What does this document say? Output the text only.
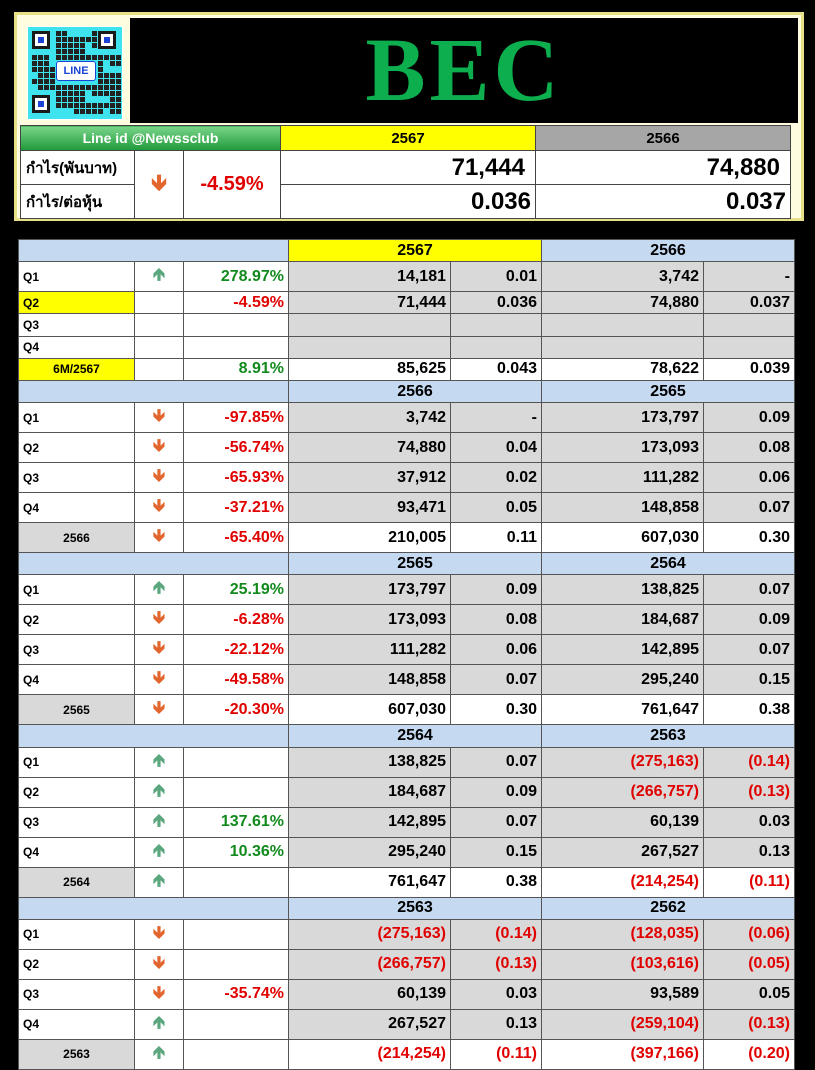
LINE	BEC
Line id @Newssclub			2567	2566
กำไร(พันบาท)	🡻	-4.59%	71,444	74,880
กำไร/ต่อหุ้น			0.036	0.037
			2567		2566	
Q1	🡹	278.97%	14,181	0.01	3,742	-
Q2		-4.59%	71,444	0.036	74,880	0.037
Q3						
Q4						
6M/2567		8.91%	85,625	0.043	78,622	0.039
			2566		2565	
Q1	🡻	-97.85%	3,742	-	173,797	0.09
Q2	🡻	-56.74%	74,880	0.04	173,093	0.08
Q3	🡻	-65.93%	37,912	0.02	111,282	0.06
Q4	🡻	-37.21%	93,471	0.05	148,858	0.07
2566	🡻	-65.40%	210,005	0.11	607,030	0.30
			2565		2564	
Q1	🡹	25.19%	173,797	0.09	138,825	0.07
Q2	🡻	-6.28%	173,093	0.08	184,687	0.09
Q3	🡻	-22.12%	111,282	0.06	142,895	0.07
Q4	🡻	-49.58%	148,858	0.07	295,240	0.15
2565	🡻	-20.30%	607,030	0.30	761,647	0.38
			2564		2563	
Q1	🡹		138,825	0.07	(275,163)	(0.14)
Q2	🡹		184,687	0.09	(266,757)	(0.13)
Q3	🡹	137.61%	142,895	0.07	60,139	0.03
Q4	🡹	10.36%	295,240	0.15	267,527	0.13
2564	🡹		761,647	0.38	(214,254)	(0.11)
			2563		2562	
Q1	🡻		(275,163)	(0.14)	(128,035)	(0.06)
Q2	🡻		(266,757)	(0.13)	(103,616)	(0.05)
Q3	🡻	-35.74%	60,139	0.03	93,589	0.05
Q4	🡹		267,527	0.13	(259,104)	(0.13)
2563	🡹		(214,254)	(0.11)	(397,166)	(0.20)
